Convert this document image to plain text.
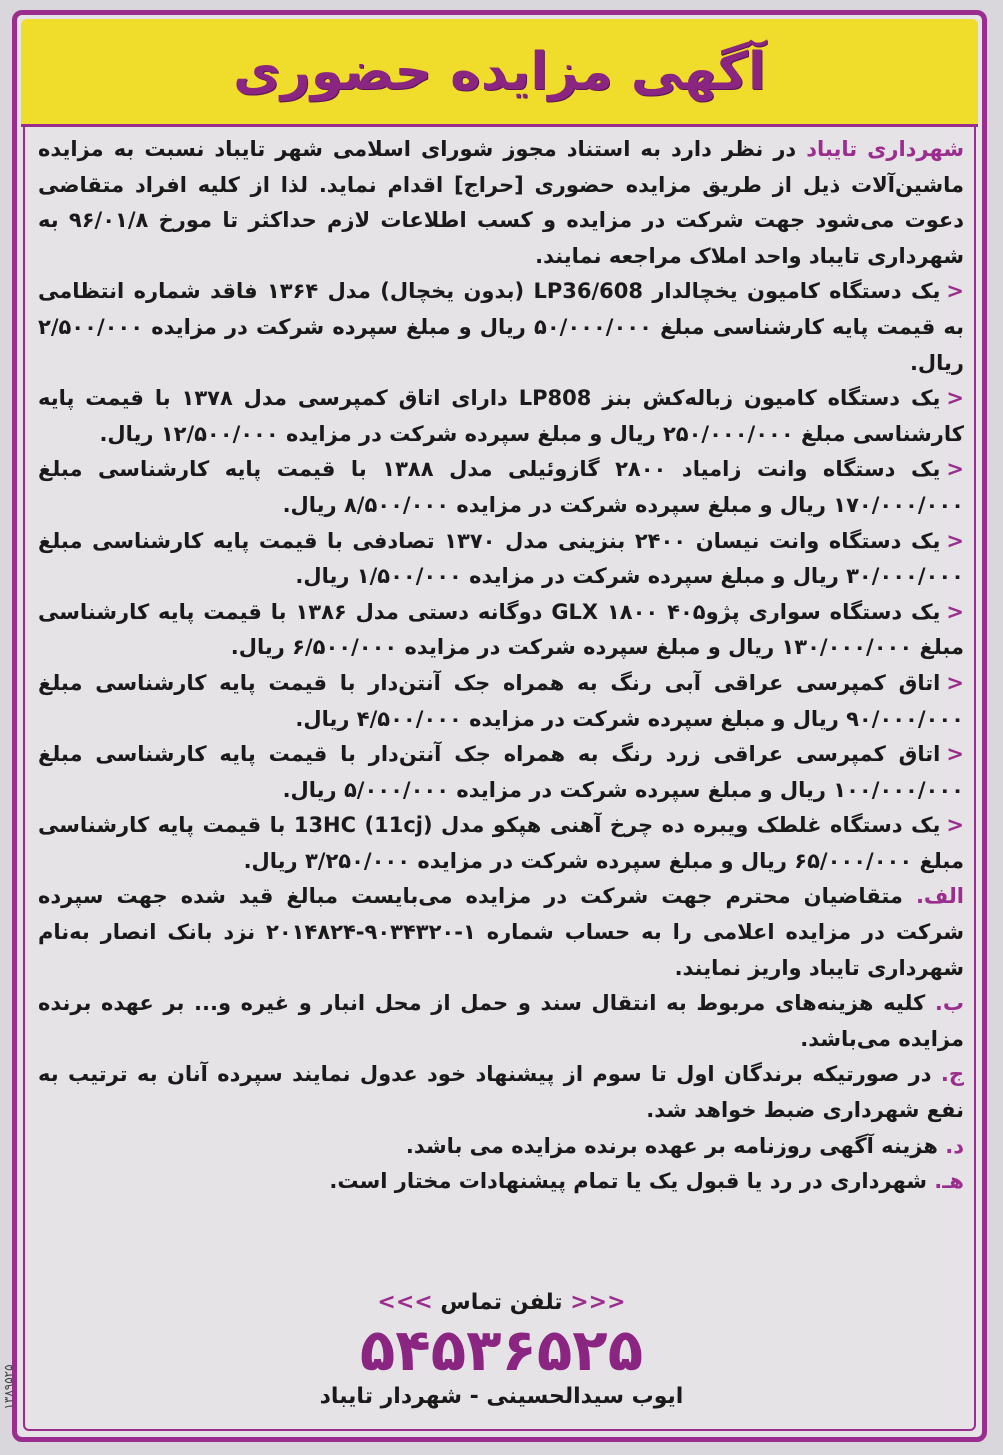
آگهی مزایده حضوری

شهرداری تایباد در نظر دارد به استناد مجوز شورای اسلامی شهر تایباد نسبت به مزایده ماشین‌آلات ذیل از طریق مزایده حضوری [حراج] اقدام نماید. لذا از کلیه افراد متقاضی دعوت می‌شود جهت شرکت در مزایده و کسب اطلاعات لازم حداکثر تا مورخ ۹۶/۰۱/۸ به شهرداری تایباد واحد املاک مراجعه نمایند.

<یک دستگاه کامیون یخچالدار LP36/608 (بدون یخچال) مدل ۱۳۶۴ فاقد شماره انتظامی به قیمت پایه کارشناسی مبلغ ۵۰/۰۰۰/۰۰۰ ریال و مبلغ سپرده شرکت در مزایده ۲/۵۰۰/۰۰۰ ریال.

<یک دستگاه کامیون زباله‌کش بنز LP808 دارای اتاق کمپرسی مدل ۱۳۷۸ با قیمت پایه کارشناسی مبلغ ۲۵۰/۰۰۰/۰۰۰ ریال و مبلغ سپرده شرکت در مزایده ۱۲/۵۰۰/۰۰۰ ریال.

<یک دستگاه وانت زامیاد ۲۸۰۰ گازوئیلی مدل ۱۳۸۸ با قیمت پایه کارشناسی مبلغ ۱۷۰/۰۰۰/۰۰۰ ریال و مبلغ سپرده شرکت در مزایده ۸/۵۰۰/۰۰۰ ریال.

<یک دستگاه وانت نیسان ۲۴۰۰ بنزینی مدل ۱۳۷۰ تصادفی با قیمت پایه کارشناسی مبلغ ۳۰/۰۰۰/۰۰۰ ریال و مبلغ سپرده شرکت در مزایده ۱/۵۰۰/۰۰۰ ریال.

<یک دستگاه سواری پژو۴۰۵ GLX ۱۸۰۰ دوگانه دستی مدل ۱۳۸۶ با قیمت پایه کارشناسی مبلغ ۱۳۰/۰۰۰/۰۰۰ ریال و مبلغ سپرده شرکت در مزایده ۶/۵۰۰/۰۰۰ ریال.

<اتاق کمپرسی عراقی آبی رنگ به همراه جک آنتن‌دار با قیمت پایه کارشناسی مبلغ ۹۰/۰۰۰/۰۰۰ ریال و مبلغ سپرده شرکت در مزایده ۴/۵۰۰/۰۰۰ ریال.

<اتاق کمپرسی عراقی زرد رنگ به همراه جک آنتن‌دار با قیمت پایه کارشناسی مبلغ ۱۰۰/۰۰۰/۰۰۰ ریال و مبلغ سپرده شرکت در مزایده ۵/۰۰۰/۰۰۰ ریال.

<یک دستگاه غلطک ویبره ده چرخ آهنی هپکو مدل 13HC (11cj) با قیمت پایه کارشناسی مبلغ ۶۵/۰۰۰/۰۰۰ ریال و مبلغ سپرده شرکت در مزایده ۳/۲۵۰/۰۰۰ ریال.

الف. متقاضیان محترم جهت شرکت در مزایده می‌بایست مبالغ قید شده جهت سپرده شرکت در مزایده اعلامی را به حساب شماره ۱-۹۰۳۴۳۲۰-۲۰۱۴۸۲۴ نزد بانک انصار به‌نام شهرداری تایباد واریز نمایند.

ب. کلیه هزینه‌های مربوط به انتقال سند و حمل از محل انبار و غیره و... بر عهده برنده مزایده می‌باشد.

ج. در صورتیکه برندگان اول تا سوم از پیشنهاد خود عدول نمایند سپرده آنان به ترتیب به نفع شهرداری ضبط خواهد شد.

د. هزینه آگهی روزنامه بر عهده برنده مزایده می باشد.

هـ. شهرداری در رد یا قبول یک یا تمام پیشنهادات مختار است.

<<< تلفن تماس >>>
۵۴۵۳۶۵۲۵
ایوب سیدالحسینی - شهردار تایباد
۱۳۸۹۵۲۵
